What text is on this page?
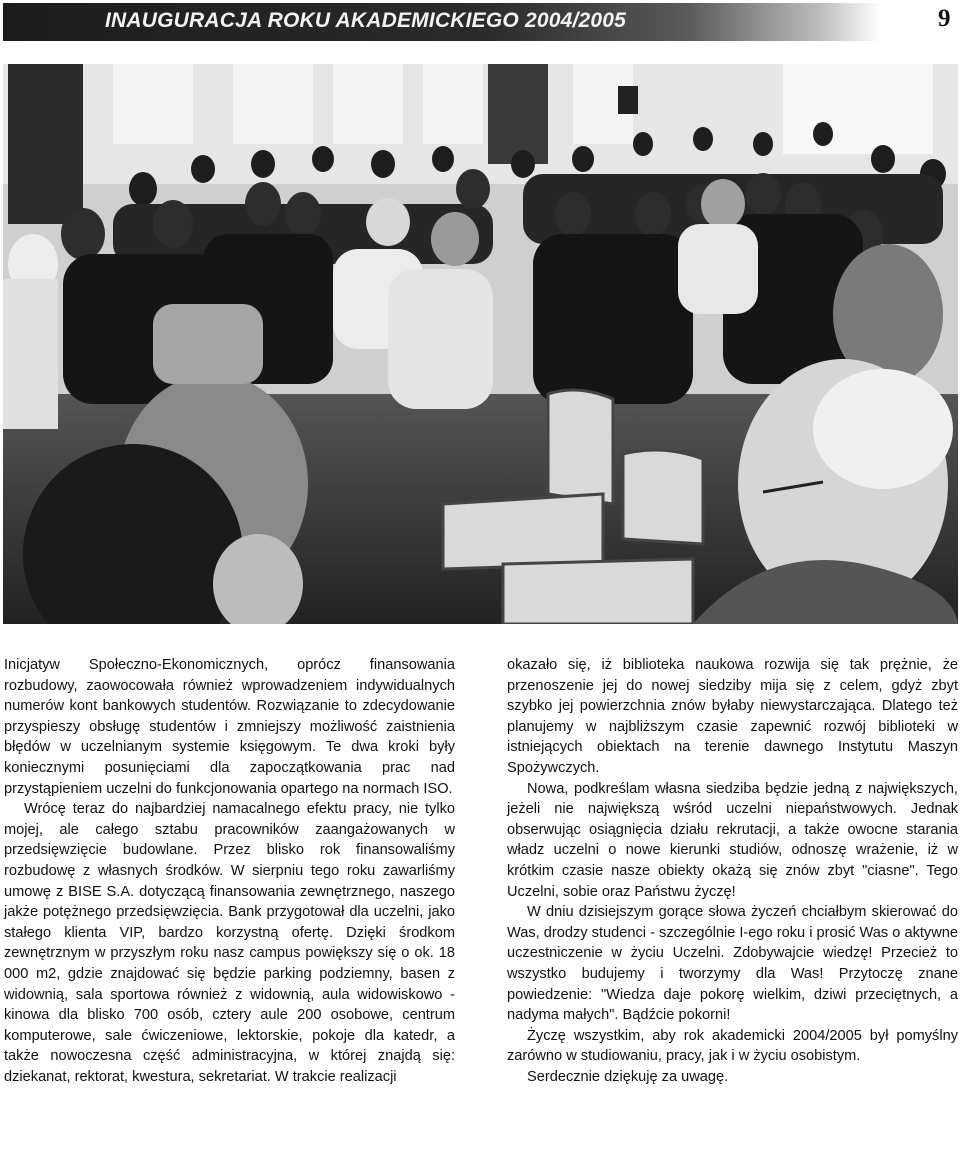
INAUGURACJA ROKU AKADEMICKIEGO 2004/2005	9

Inicjatyw Społeczno-Ekonomicznych, oprócz finansowania rozbudowy, zaowocowała również wprowadzeniem indywidualnych numerów kont bankowych studentów. Rozwiązanie to zdecydowanie przyspieszy obsługę studentów i zmniejszy możliwość zaistnienia błędów w uczelnianym systemie księgowym. Te dwa kroki były koniecznymi posunięciami dla zapoczątkowania prac nad przystąpieniem uczelni do funkcjonowania opartego na normach ISO.

Wrócę teraz do najbardziej namacalnego efektu pracy, nie tylko mojej, ale całego sztabu pracowników zaangażowanych w przedsięwzięcie budowlane. Przez blisko rok finansowaliśmy rozbudowę z własnych środków. W sierpniu tego roku zawarliśmy umowę z BISE S.A. dotyczącą finansowania zewnętrznego, naszego jakże potężnego przedsięwzięcia. Bank przygotował dla uczelni, jako stałego klienta VIP, bardzo korzystną ofertę. Dzięki środkom zewnętrznym w przyszłym roku nasz campus powiększy się o ok. 18 000 m2, gdzie znajdować się będzie parking podziemny, basen z widownią, sala sportowa również z widownią, aula widowiskowo - kinowa dla blisko 700 osób, cztery aule 200 osobowe, centrum komputerowe, sale ćwiczeniowe, lektorskie, pokoje dla katedr, a także nowoczesna część administracyjna, w której znajdą się: dziekanat, rektorat, kwestura, sekretariat. W trakcie realizacji

okazało się, iż biblioteka naukowa rozwija się tak prężnie, że przenoszenie jej do nowej siedziby mija się z celem, gdyż zbyt szybko jej powierzchnia znów byłaby niewystarczająca. Dlatego też planujemy w najbliższym czasie zapewnić rozwój biblioteki w istniejących obiektach na terenie dawnego Instytutu Maszyn Spożywczych.

Nowa, podkreślam własna siedziba będzie jedną z największych, jeżeli nie największą wśród uczelni niepaństwowych. Jednak obserwując osiągnięcia działu rekrutacji, a także owocne starania władz uczelni o nowe kierunki studiów, odnoszę wrażenie, iż w krótkim czasie nasze obiekty okażą się znów zbyt "ciasne". Tego Uczelni, sobie oraz Państwu życzę!

W dniu dzisiejszym gorące słowa życzeń chciałbym skierować do Was, drodzy studenci - szczególnie I-ego roku i prosić Was o aktywne uczestniczenie w życiu Uczelni. Zdobywajcie wiedzę! Przecież to wszystko budujemy i tworzymy dla Was! Przytoczę znane powiedzenie: "Wiedza daje pokorę wielkim, dziwi przeciętnych, a nadyma małych". Bądźcie pokorni!

Życzę wszystkim, aby rok akademicki 2004/2005 był pomyślny zarówno w studiowaniu, pracy, jak i w życiu osobistym.

Serdecznie dziękuję za uwagę.
